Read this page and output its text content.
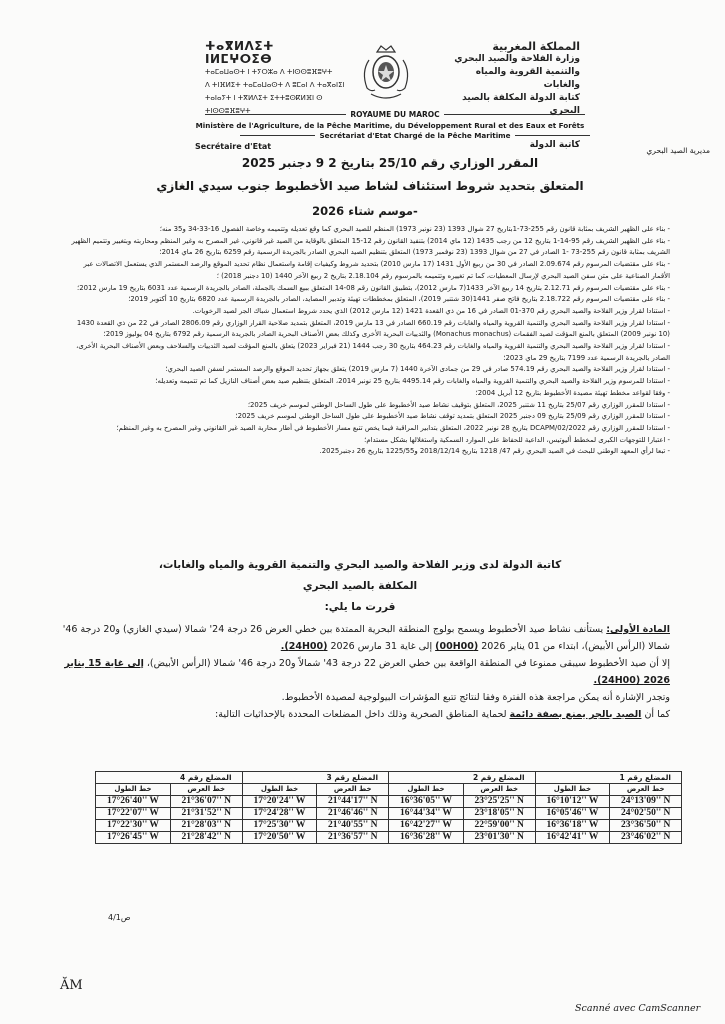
ⵜⴰⴳⵍⴷⵉⵜ ⵏⵍⵎⵖⵔⵉⴱ
ⵜⴰⵎⴰⵡⴰⵙⵜ ⵏ ⵜⵢⵔⵣⴰ ⴷ ⵜⵏⵙⵙⵓⴼⵓⵖⵜ
ⴷ ⵜⵏⴼⵍⵉⵜ ⵜⴰⵎⴰⵡⴰⵙⵜ ⴷ ⵓⵎⴰⵏ ⴷ ⵜⴰⴳⴰⵏⵉⵏ
ⵜⴰⵏⴰⵢⵜ ⵏ ⵜⴳⵍⴷⵉⵜ ⵉⵜⵜⵓⵙⴽⵍⴼⵏ ⵙ ⵜⵏⵙⵙⵓⴼⵓⵖⵜ
المملكة المغربية
وزارة الفلاحة والصيد البحري
والتنمية القروية والمياه والغابات
كتابة الدولة المكلفة بالصيد البحري
ROYAUME DU MAROC
Ministère de l'Agriculture, de la Pêche Maritime, du Développement Rural et des Eaux et Forêts
Secrétariat d'Etat Chargé de la Pêche Maritime
Secrétaire d'Etat	كاتبة الدولة
مديرية الصيد البحري
المقرر الوزاري رقم 25/10 بتاريخ 2 9 دجنبر 2025
المتعلق بتحديد شروط استئناف لشاط صيد الأخطبوط جنوب سيدي الغازي
-موسم شتاء 2026

- بناء على الظهير الشريف بمثابة قانون رقم 255-73-1بتاريخ 27 شوال 1393 (23 نونبر 1973) المنظم للصيد البحري كما وقع تعديله وتتميمه وخاصة الفصول 16-33-34 و35 منه؛

- بناء على الظهير الشريف رقم 95-14-1 بتاريخ 12 من رجب 1435 (12 ماي 2014) بتنفيذ القانون رقم 12-15 المتعلق بالوقاية من الصيد غير قانوني، غير المصرح به وغير المنظم ومحاربته وبتغيير وتتميم الظهير الشريف بمثابة قانون رقم 255-73 -1 الصادر في 27 من شوال 1393 (23 نوفمبر 1973) المتعلق بتنظيم الصيد البحري الصادر بالجريدة الرسمية رقم 6259 بتاريخ 26 ماي 2014؛

- بناء على مقتضيات المرسوم رقم 2.09.674 الصادر في 30 من ربيع الأول 1431 (17 مارس 2010) بتحديد شروط وكيفيات إقامة واستعمال نظام تحديد الموقع والرصد المستمر الذي يستعمل الاتصالات عبر الأقمار الصناعية على متن سفن الصيد البحري لإرسال المعطيات، كما تم تغييره وتتميمه بالمرسوم رقم 2.18.104 بتاريخ 2 ربيع الآخر 1440 (10 دجنبر 2018) ؛

- بناء على مقتضيات المرسوم رقم 2.12.71 بتاريخ 14 ربيع الآخر 1433(7 مارس 2012)، بتطبيق القانون رقم 08-14 المتعلق ببيع السمك بالجملة، الصادر بالجريدة الرسمية عدد 6031 بتاريخ 19 مارس 2012؛

- بناء على مقتضيات المرسوم رقم 2.18.722 بتاريخ فاتح صفر 1441(30 شتنبر 2019)، المتعلق بمخططات تهيئة وتدبير المصايد، الصادر بالجريدة الرسمية عدد 6820 بتاريخ 10 أكتوبر 2019؛

- استنادا لقرار وزير الفلاحة والصيد البحري رقم 370-01 الصادر في 16 من ذي القعدة 1421 (12 مارس 2012) الذي يحدد شروط استعمال شباك الجر لصيد الرخويات.

- استنادا لقرار وزير الفلاحة والصيد البحري والتنمية القروية والمياه والغابات رقم 660.19 الصادر في 13 مارس 2019، المتعلق بتمديد صلاحية القرار الوزاري رقم 2806.09 الصادر في 22 من ذي القعدة 1430 (10 نونبر 2009) المتعلق بالمنع المؤقت لصيد الفقمات (Monachus monachus) والثدييات البحرية الأخرى وكذلك بعض الأصناف البحرية الصادر بالجريدة الرسمية رقم 6792 بتاريخ 04 يوليوز 2019؛

- استنادا لقرار وزير الفلاحة والصيد البحري والتنمية القروية والمياه والغابات رقم 464.23 بتاريخ 30 رجب 1444 (21 فبراير 2023) يتعلق بالمنع المؤقت لصيد الثدييات والسلاحف وبعض الأصناف البحرية الأخرى، الصادر بالجريدة الرسمية عدد 7199 بتاريخ 29 ماي 2023؛

- استنادا لقرار وزير الفلاحة والصيد البحري رقم 574.19 صادر في 29 من جمادى الآخرة 1440 (7 مارس 2019) يتعلق بجهاز تحديد الموقع والرصد المستمر لسفن الصيد البحري؛

- استنادا للمرسوم وزير الفلاحة والصيد البحري والتنمية القروية والمياه والغابات رقم 4495.14 بتاريخ 25 نونبر 2014، المتعلق بتنظيم صيد بعض أصناف النازيل كما تم تتميمه وتعديله؛

- وفقا لقواعد مخطط تهيئة مصيدة الأخطبوط بتاريخ 12 أبريل 2004؛

- استنادا للمقرر الوزاري رقم 25/07 بتاريخ 11 شتنبر 2025، المتعلق بتوقيف نشاط صيد الأخطبوط على طول الساحل الوطني لموسم خريف 2025؛

- استنادا للمقرر الوزاري رقم 25/09 بتاريخ 09 دجنبر 2025 المتعلق بتمديد توقف نشاط صيد الأخطبوط على طول الساحل الوطني لموسم خريف 2025؛

- استنادا للمقرر الوزاري رقم 2022/DCAPM/02 بتاريخ 28 نونبر 2022، المتعلق بتدابير المراقبة فيما يخص تتبع مسار الأخطبوط في أطار محاربة الصيد غير القانوني وغير المصرح به وغير المنظم؛

- اعتبارا للتوجهات الكبرى لمخطط أليوتيس، الداعية للحفاظ على الموارد السمكية واستغلالها بشكل مستدام؛

- تبعا لرأي المعهد الوطني للبحث في الصيد البحري رقم 47/ 1218 بتاريخ 2018/12/14 و1225/55 بتاريخ 26 دجنبر2025.

كاتبة الدولة لدى وزير الفلاحة والصيد البحري والتنمية القروية والمياه والغابات،
المكلفة بالصيد البحري
قررت ما يلي:

المادة الأولى: يستأنف نشاط صيد الأخطبوط ويسمح بولوج المنطقة البحرية الممتدة بين خطي العرض 26 درجة 24' شمالا (سيدي الغازي) و20 درجة 46' شمالا (الرأس الأبيض)، ابتداء من 01 يناير 2026 (00H00) إلى غاية 31 مارس 2026 (24H00).

إلا أن صيد الأخطبوط سيبقى ممنوعا في المنطقة الواقعة بين خطي العرض 22 درجة 43' شمالاً و20 درجة 46' شمالا (الرأس الأبيض)، إلى غاية 15 يناير 2026 (24H00).

وتجدر الإشارة أنه يمكن مراجعة هذه الفترة وفقا لنتائج تتبع المؤشرات البيولوجية لمصيدة الأخطبوط.

كما أن الصيد بالجر يمنع بصفة دائمة لحماية المناطق الصخرية وذلك داخل المضلعات المحددة بالإحداثيات التالية:

المضلع رقم 1		المضلع رقم 2		المضلع رقم 3		المضلع رقم 4	
خط العرض	خط الطول	خط العرض	خط الطول	خط العرض	خط الطول	خط العرض	خط الطول
24°13'09'' N	16°10'12'' W	23°25'25'' N	16°36'05'' W	21°44'17'' N	17°20'24'' W	21°36'07'' N	17°26'40'' W
24°02'50'' N	16°05'46'' W	23°18'05'' N	16°44'34'' W	21°46'46'' N	17°24'28'' W	21°31'52'' N	17°22'07'' W
23°36'50'' N	16°36'18'' W	22°59'00'' N	16°42'27'' W	21°40'55'' N	17°25'30'' W	21°28'03'' N	17°22'30'' W
23°46'02'' N	16°42'41'' W	23°01'30'' N	16°36'28'' W	21°36'57'' N	17°20'50'' W	21°28'42'' N	17°26'45'' W
ص4/1
ĂM
Scanné avec CamScanner
